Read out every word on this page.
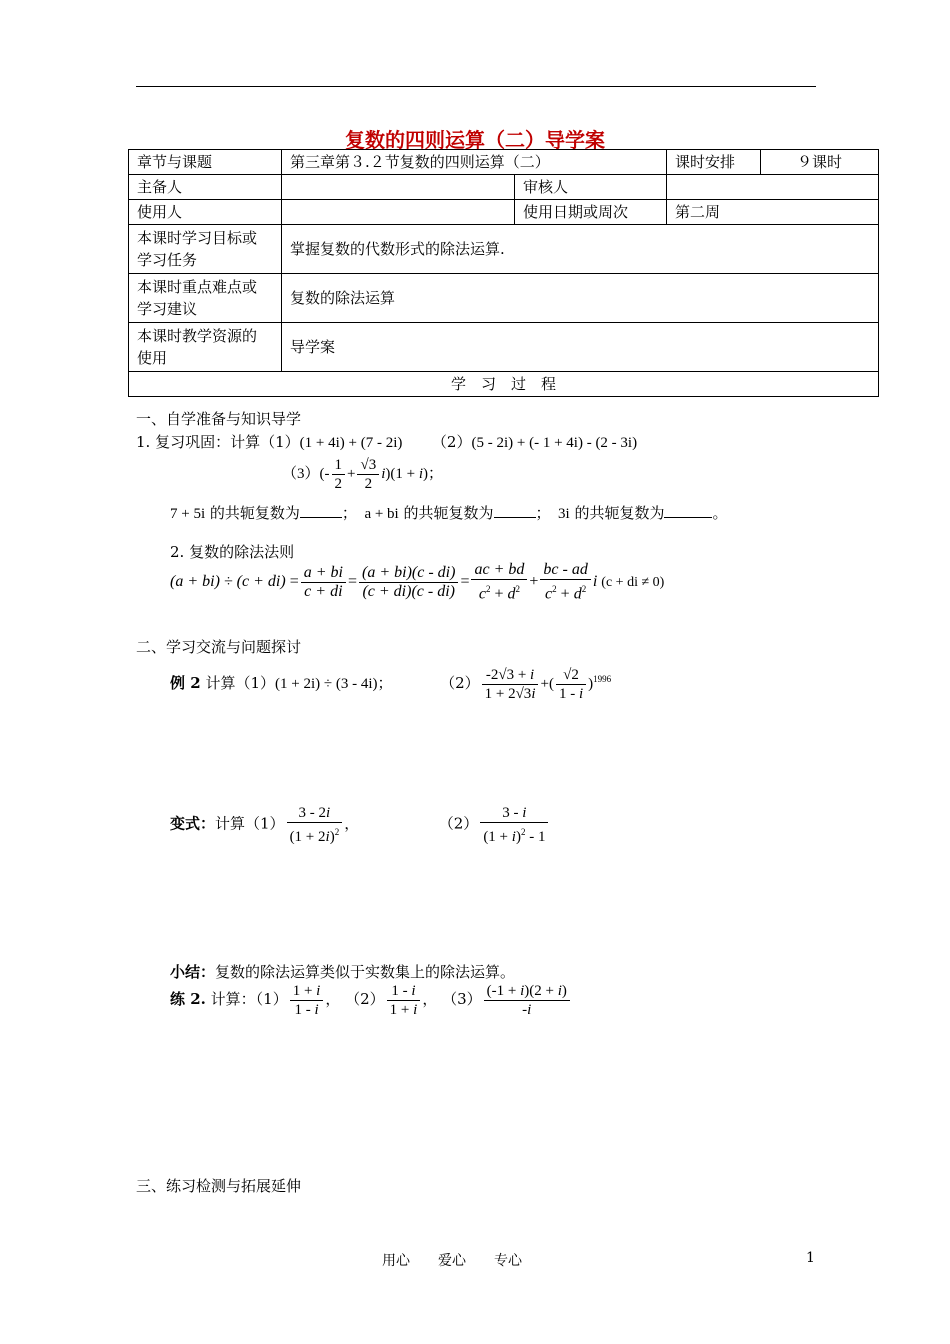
复数的四则运算（二）导学案
章节与课题	第三章第３.２节复数的四则运算（二）		课时安排	９课时
主备人		审核人		
使用人		使用日期或周次	第二周	
本课时学习目标或
学习任务	掌握复数的代数形式的除法运算.			
本课时重点难点或
学习建议	复数的除法运算			
本课时教学资源的
使用	导学案			
学　习　过　程				
一、自学准备与知识导学
1. 复习巩固：计算（1）(1 + 4i) + (7 - 2i) （2）(5 - 2i) + (- 1 + 4i) - (2 - 3i)
$(3)(- \frac{1}{2} + \frac{√3}{2} i)(1 + i)$；
7 + 5i 的共轭复数为	；　a + bi 的共轭复数为	；　3i 的共轭复数为	。
2. 复数的除法法则
$(a + bi) \div (c + di) = \frac{a + bi}{c + di} = \frac{(a + bi)(c - di)}{(c + di)(c - di)} = \frac{ac + bd}{c^2 + d^2} + \frac{bc - ad}{c^2 + d^2}$ i (c + di ≠ 0)
二、学习交流与问题探讨
例 2 计算（1）(1 + 2i) ÷ (3 - 4i)；	$(2) \frac{-2√3 + i}{1 + 2√3i}$ +( $\frac{√2}{1 - i} )^{1996}$
变式：计算$(1) \frac{3 - 2i}{(1 + 2i)^2}$ ，	$(2) \frac{3 - i}{(1 + i)^2 - 1}$
小结：复数的除法运算类似于实数集上的除法运算。
练 2. 计算：$(1) \frac{1 + i}{1 - i}$ ， $(2) \frac{1 - i}{1 + i}$ ， $(3) \frac{(-1 + i)(2 + i)}{-i}$
三、练习检测与拓展延伸
用心　　爱心　　专心	1
